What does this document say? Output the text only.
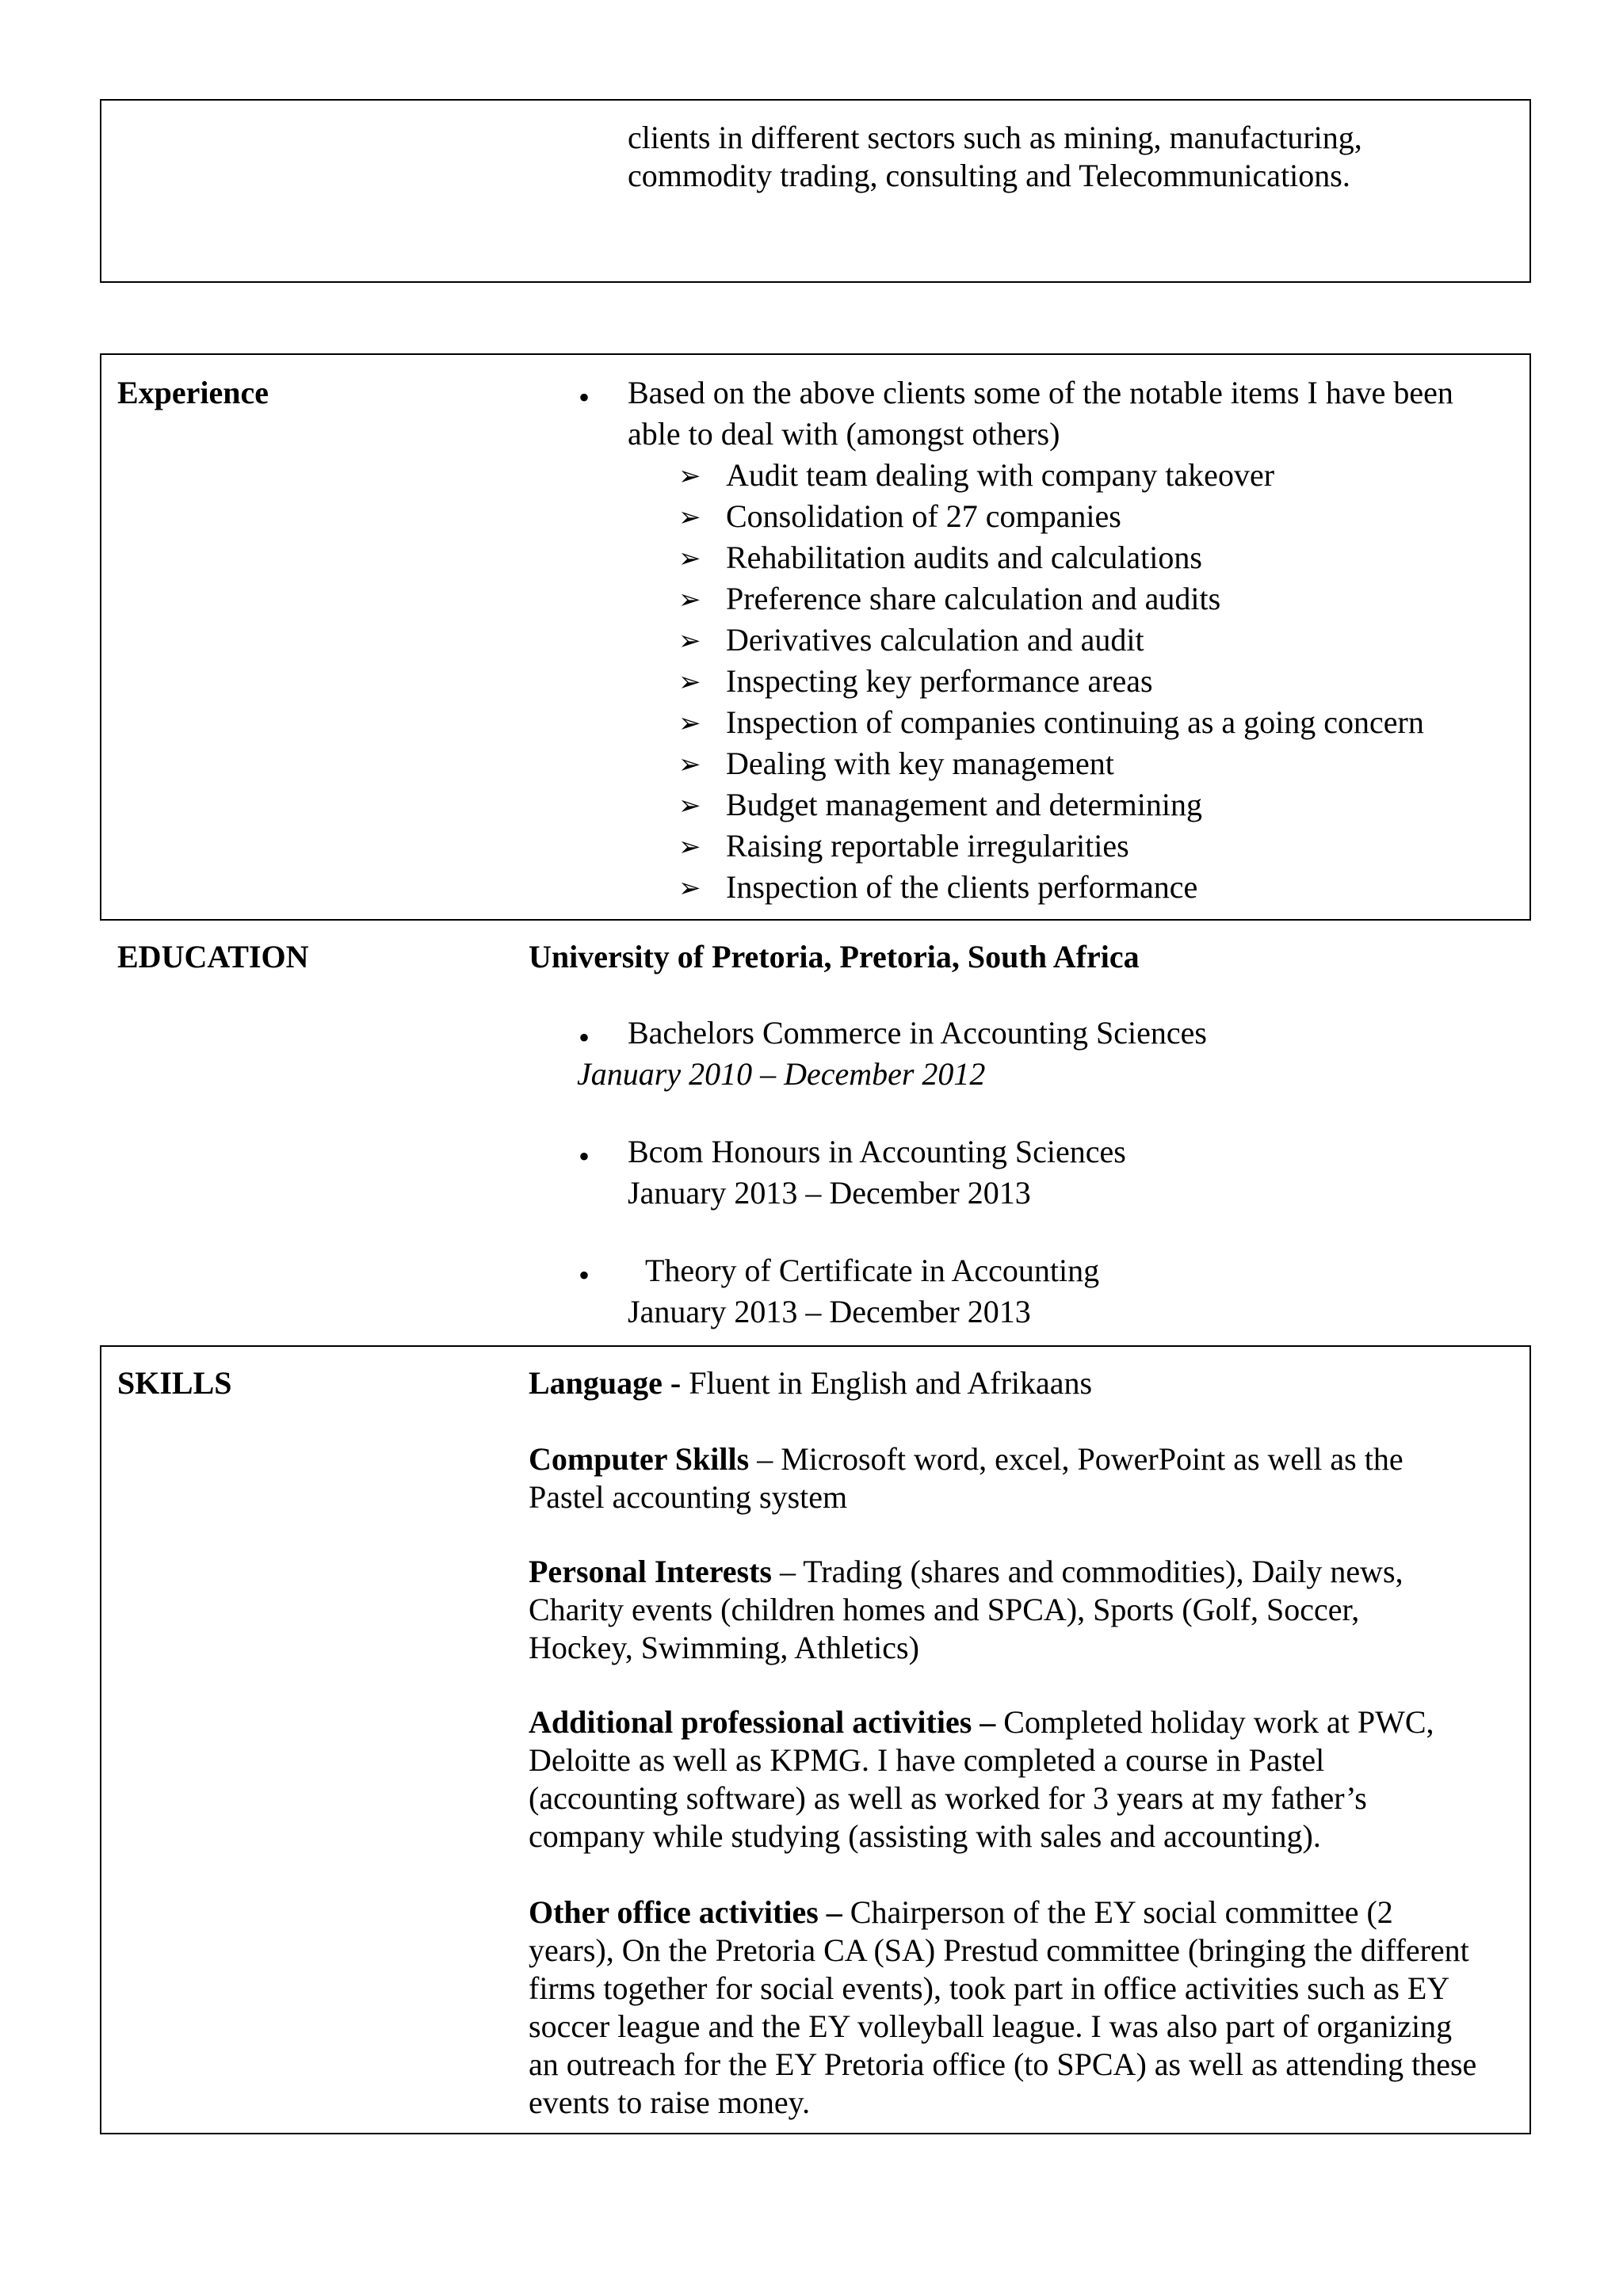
clients in different sectors such as mining, manufacturing,
commodity trading, consulting and Telecommunications.
Experience	• Based on the above clients some of the notable items I have been
able to deal with (amongst others)
➢ Audit team dealing with company takeover
➢ Consolidation of 27 companies
➢ Rehabilitation audits and calculations
➢ Preference share calculation and audits
➢ Derivatives calculation and audit
➢ Inspecting key performance areas
➢ Inspection of companies continuing as a going concern
➢ Dealing with key management
➢ Budget management and determining
➢ Raising reportable irregularities
➢ Inspection of the clients performance
EDUCATION	University of Pretoria, Pretoria, South Africa
• Bachelors Commerce in Accounting Sciences
January 2010 – December 2012
• Bcom Honours in Accounting Sciences
January 2013 – December 2013
• Theory of Certificate in Accounting
January 2013 – December 2013
SKILLS	Language - Fluent in English and Afrikaans
Computer Skills – Microsoft word, excel, PowerPoint as well as the
Pastel accounting system
Personal Interests – Trading (shares and commodities), Daily news,
Charity events (children homes and SPCA), Sports (Golf, Soccer,
Hockey, Swimming, Athletics)
Additional professional activities – Completed holiday work at PWC,
Deloitte as well as KPMG. I have completed a course in Pastel
(accounting software) as well as worked for 3 years at my father’s
company while studying (assisting with sales and accounting).
Other office activities – Chairperson of the EY social committee (2
years), On the Pretoria CA (SA) Prestud committee (bringing the different
firms together for social events), took part in office activities such as EY
soccer league and the EY volleyball league. I was also part of organizing
an outreach for the EY Pretoria office (to SPCA) as well as attending these
events to raise money.
